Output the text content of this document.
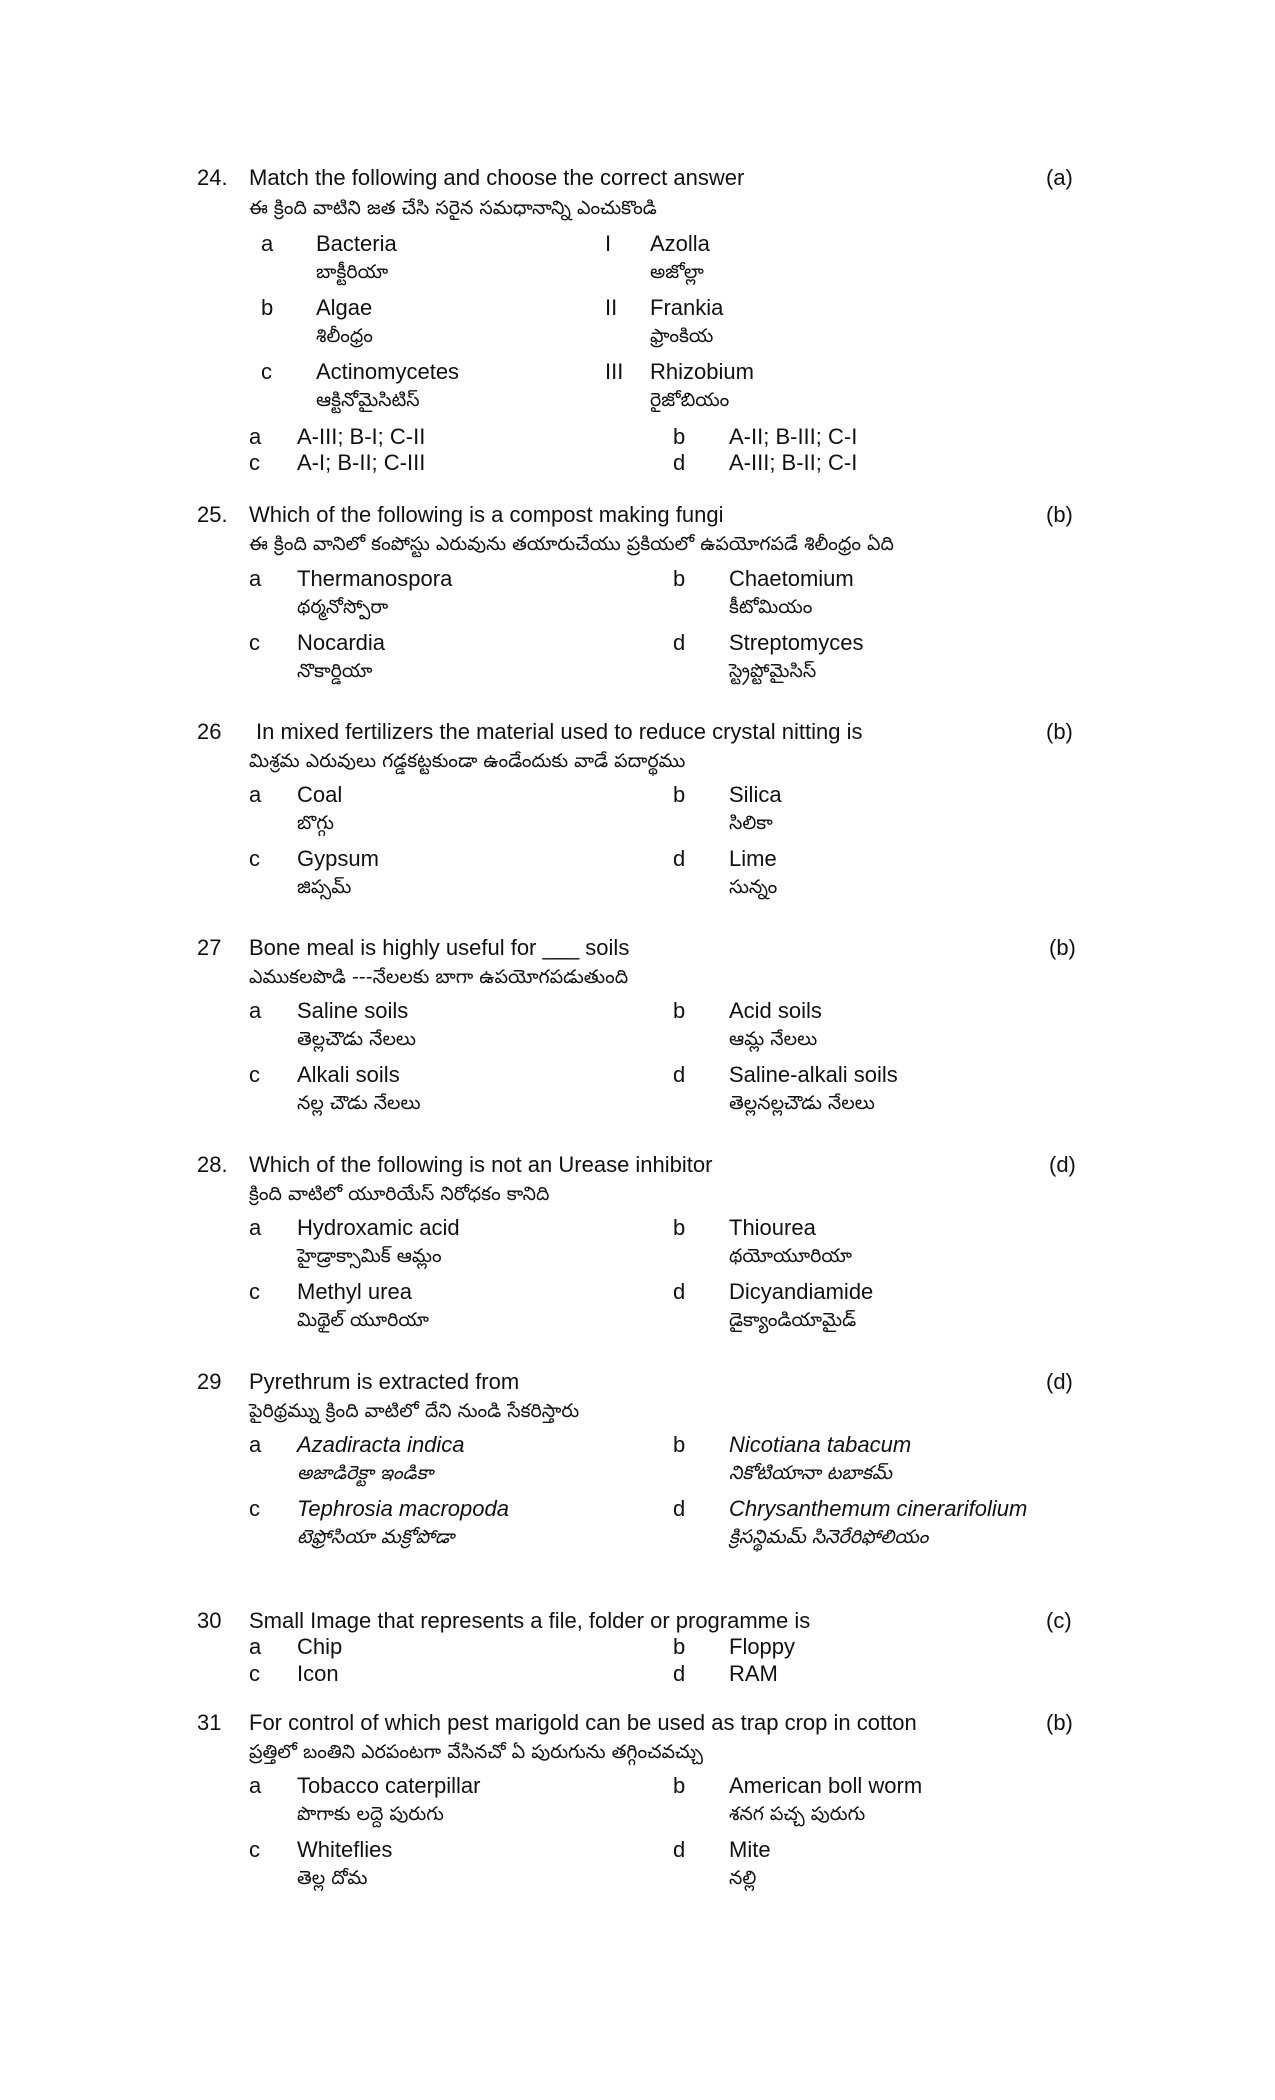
24. Match the following and choose the correct answer	(a)
ఈ క్రింది వాటిని జత చేసి సరైన సమధానాన్ని ఎంచుకొండి
a Bacteria
బాక్టీరియా
I Azolla
అజోల్లా
b Algae
శిలీంధ్రం
II Frankia
ఫ్రాంకియ
c Actinomycetes
ఆక్టినోమైసిటిస్
III Rhizobium
రైజోబియం
a A-III; B-I; C-II	b A-II; B-III; C-I
c A-I; B-II; C-III	d A-III; B-II; C-I
25. Which of the following is a compost making fungi	(b)
ఈ క్రింది వానిలో కంపోస్టు ఎరువును తయారుచేయు ప్రకియలో ఉపయోగపడే శిలీంధ్రం ఏది
a Thermanospora
థర్మనోస్పోరా
b Chaetomium
కీటోమియం
c Nocardia
నొకార్డియా
d Streptomyces
స్ట్రెప్టోమైసిస్
26 In mixed fertilizers the material used to reduce crystal nitting is	(b)
మిశ్రమ ఎరువులు గడ్డకట్టకుండా ఉండేందుకు వాడే పదార్థము
a Coal
బొగ్గు
b Silica
సిలికా
c Gypsum
జిప్సమ్
d Lime
సున్నం
27 Bone meal is highly useful for ___ soils	(b)
ఎముకలపొడి ---నేలలకు బాగా ఉపయోగపడుతుంది
a Saline soils
తెల్లచౌడు నేలలు
b Acid soils
ఆమ్ల నేలలు
c Alkali soils
నల్ల చౌడు నేలలు
d Saline-alkali soils
తెల్లనల్లచౌడు నేలలు
28. Which of the following is not an Urease inhibitor	(d)
క్రింది వాటిలో యూరియేస్ నిరోధకం కానిది
a Hydroxamic acid
హైడ్రాక్సామిక్ ఆమ్లం
b Thiourea
థయోయూరియా
c Methyl urea
మిథైల్ యూరియా
d Dicyandiamide
డైక్యాండియామైడ్
29 Pyrethrum is extracted from	(d)
పైరిథ్రమ్ను క్రింది వాటిలో దేని నుండి సేకరిస్తారు
a Azadiracta indica
అజాడిరెక్టా ఇండికా
b Nicotiana tabacum
నికోటియానా టబాకమ్
c Tephrosia macropoda
టెఫ్రోసియా మక్రోపోడా
d Chrysanthemum cinerarifolium
క్రిసన్థిమమ్ సినెరేరిఫోలియం
30 Small Image that represents a file, folder or programme is	(c)
a Chip	b Floppy
c Icon	d RAM
31 For control of which pest marigold can be used as trap crop in cotton	(b)
ప్రత్తిలో బంతిని ఎరపంటగా వేసినచో ఏ పురుగును తగ్గించవచ్చు
a Tobacco caterpillar
పొగాకు లద్దె పురుగు
b American boll worm
శనగ పచ్చ పురుగు
c Whiteflies
తెల్ల దోమ
d Mite
నల్లి
